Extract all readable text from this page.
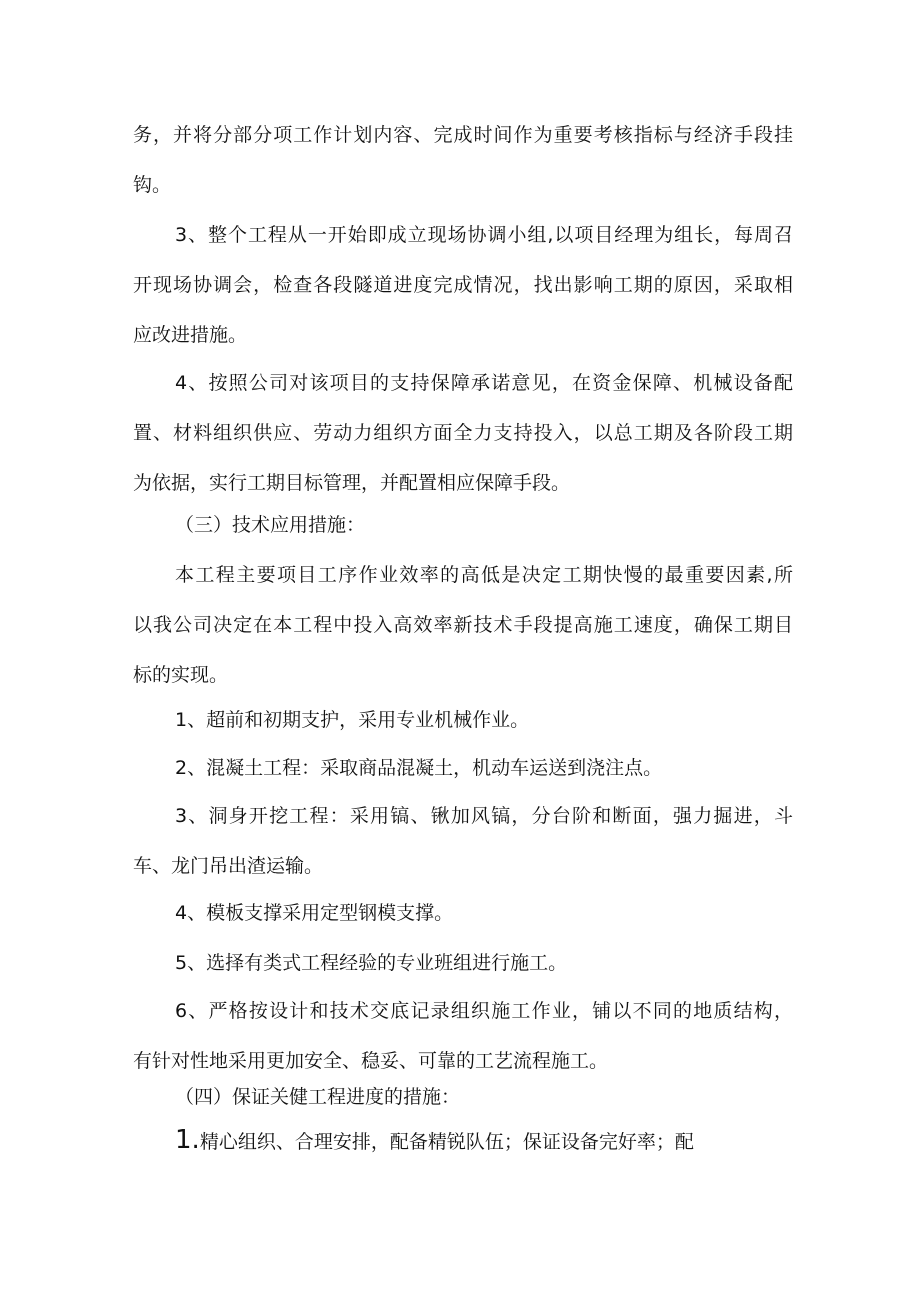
务，并将分部分项工作计划内容、完成时间作为重要考核指标与经济手段挂
钩。
3、整个工程从一开始即成立现场协调小组,以项目经理为组长，每周召
开现场协调会，检查各段隧道进度完成情况，找出影响工期的原因，采取相
应改进措施。
4、按照公司对该项目的支持保障承诺意见，在资金保障、机械设备配
置、材料组织供应、劳动力组织方面全力支持投入，以总工期及各阶段工期
为依据，实行工期目标管理，并配置相应保障手段。
（三）技术应用措施：
本工程主要项目工序作业效率的高低是决定工期快慢的最重要因素,所
以我公司决定在本工程中投入高效率新技术手段提高施工速度，确保工期目
标的实现。
1、超前和初期支护，采用专业机械作业。
2、混凝土工程：采取商品混凝土，机动车运送到浇注点。
3、洞身开挖工程：采用镐、锹加风镐，分台阶和断面，强力掘进，斗
车、龙门吊出渣运输。
4、模板支撑采用定型钢模支撑。
5、选择有类式工程经验的专业班组进行施工。
6、严格按设计和技术交底记录组织施工作业，铺以不同的地质结构，
有针对性地采用更加安全、稳妥、可靠的工艺流程施工。
（四）保证关健工程进度的措施：
1.精心组织、合理安排，配备精锐队伍；保证设备完好率；配
